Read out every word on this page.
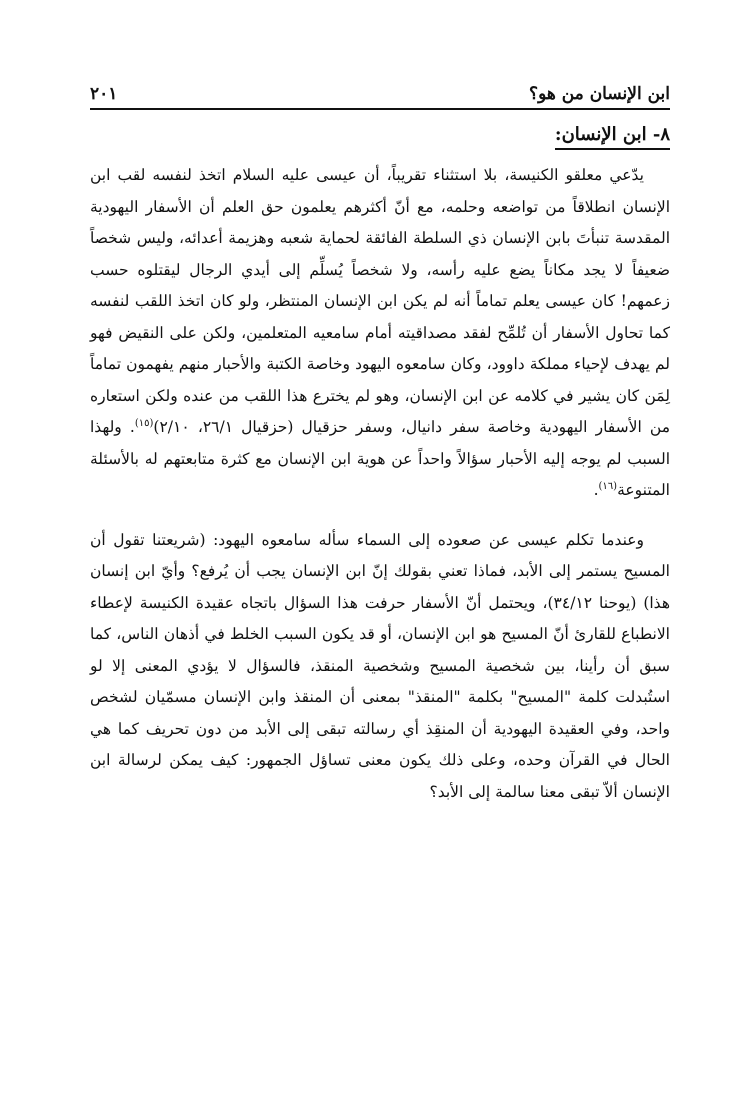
ابن الإنسان من هو؟
٢٠١
٨- ابن الإنسان:

يدّعي معلقو الكنيسة، بلا استثناء تقريباً، أن عيسى عليه السلام اتخذ لنفسه لقب ابن الإنسان انطلاقاً من تواضعه وحلمه، مع أنّ أكثرهم يعلمون حق العلم أن الأسفار اليهودية المقدسة تنبأتَ بابن الإنسان ذي السلطة الفائقة لحماية شعبه وهزيمة أعدائه، وليس شخصاً ضعيفاً لا يجد مكاناً يضع عليه رأسه، ولا شخصاً يُسلِّم إلى أيدي الرجال ليقتلوه حسب زعمهم! كان عيسى يعلم تماماً أنه لم يكن ابن الإنسان المنتظر، ولو كان اتخذ اللقب لنفسه كما تحاول الأسفار أن تُلمِّح لفقد مصداقيته أمام سامعيه المتعلمين، ولكن على النقيض فهو لم يهدف لإحياء مملكة داوود، وكان سامعوه اليهود وخاصة الكتبة والأحبار منهم يفهمون تماماً لِمَن كان يشير في كلامه عن ابن الإنسان، وهو لم يخترع هذا اللقب من عنده ولكن استعاره من الأسفار اليهودية وخاصة سفر دانيال، وسفر حزقيال (حزقيال ٢٦/١، ٢/١٠)$^{(١٥)}$. ولهذا السبب لم يوجه إليه الأحبار سؤالاً واحداً عن هوية ابن الإنسان مع كثرة متابعتهم له بالأسئلة المتنوعة$^{(١٦)}$.

وعندما تكلم عيسى عن صعوده إلى السماء سأله سامعوه اليهود: (شريعتنا تقول أن المسيح يستمر إلى الأبد، فماذا تعني بقولك إنّ ابن الإنسان يجب أن يُرفع؟ وأيّ ابن إنسان هذا) (يوحنا ٣٤/١٢)، ويحتمل أنّ الأسفار حرفت هذا السؤال باتجاه عقيدة الكنيسة لإعطاء الانطباع للقارئ أنّ المسيح هو ابن الإنسان، أو قد يكون السبب الخلط في أذهان الناس، كما سبق أن رأينا، بين شخصية المسيح وشخصية المنقذ، فالسؤال لا يؤدي المعنى إلا لو استُبدلت كلمة "المسيح" بكلمة "المنقذ" بمعنى أن المنقذ وابن الإنسان مسمّيان لشخص واحد، وفي العقيدة اليهودية أن المنقِذ أي رسالته تبقى إلى الأبد من دون تحريف كما هي الحال في القرآن وحده، وعلى ذلك يكون معنى تساؤل الجمهور: كيف يمكن لرسالة ابن الإنسان ألاّ تبقى معنا سالمة إلى الأبد؟
